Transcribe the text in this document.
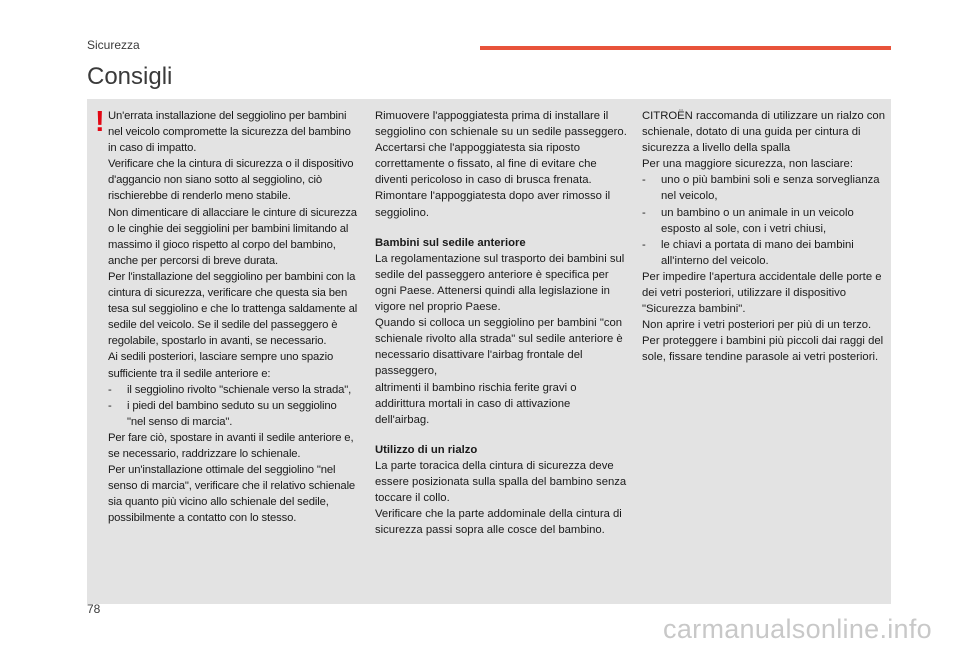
Sicurezza
Consigli
! Un'errata installazione del seggiolino per bambini nel veicolo compromette la sicurezza del bambino in caso di impatto.

Verificare che la cintura di sicurezza o il dispositivo d'aggancio non siano sotto al seggiolino, ciò rischierebbe di renderlo meno stabile.

Non dimenticare di allacciare le cinture di sicurezza o le cinghie dei seggiolini per bambini limitando al massimo il gioco rispetto al corpo del bambino, anche per percorsi di breve durata.

Per l'installazione del seggiolino per bambini con la cintura di sicurezza, verificare che questa sia ben tesa sul seggiolino e che lo trattenga saldamente al sedile del veicolo. Se il sedile del passeggero è regolabile, spostarlo in avanti, se necessario.

Ai sedili posteriori, lasciare sempre uno spazio sufficiente tra il sedile anteriore e:

- il seggiolino rivolto "schienale verso la strada",
- i piedi del bambino seduto su un seggiolino "nel senso di marcia".

Per fare ciò, spostare in avanti il sedile anteriore e, se necessario, raddrizzare lo schienale.

Per un'installazione ottimale del seggiolino "nel senso di marcia", verificare che il relativo schienale sia quanto più vicino allo schienale del sedile, possibilmente a contatto con lo stesso.

Rimuovere l'appoggiatesta prima di installare il seggiolino con schienale su un sedile passeggero.

Accertarsi che l'appoggiatesta sia riposto correttamente o fissato, al fine di evitare che diventi pericoloso in caso di brusca frenata.

Rimontare l'appoggiatesta dopo aver rimosso il seggiolino.

Bambini sul sedile anteriore

La regolamentazione sul trasporto dei bambini sul sedile del passeggero anteriore è specifica per ogni Paese. Attenersi quindi alla legislazione in vigore nel proprio Paese.

Quando si colloca un seggiolino per bambini "con schienale rivolto alla strada" sul sedile anteriore è necessario disattivare l'airbag frontale del passeggero,

altrimenti il bambino rischia ferite gravi o addirittura mortali in caso di attivazione dell'airbag.

Utilizzo di un rialzo

La parte toracica della cintura di sicurezza deve essere posizionata sulla spalla del bambino senza toccare il collo.

Verificare che la parte addominale della cintura di sicurezza passi sopra alle cosce del bambino.

CITROËN raccomanda di utilizzare un rialzo con schienale, dotato di una guida per cintura di sicurezza a livello della spalla

Per una maggiore sicurezza, non lasciare:

- uno o più bambini soli e senza sorveglianza nel veicolo,
- un bambino o un animale in un veicolo esposto al sole, con i vetri chiusi,
- le chiavi a portata di mano dei bambini all'interno del veicolo.

Per impedire l'apertura accidentale delle porte e dei vetri posteriori, utilizzare il dispositivo "Sicurezza bambini".

Non aprire i vetri posteriori per più di un terzo.

Per proteggere i bambini più piccoli dai raggi del sole, fissare tendine parasole ai vetri posteriori.

78
carmanualsonline.info
